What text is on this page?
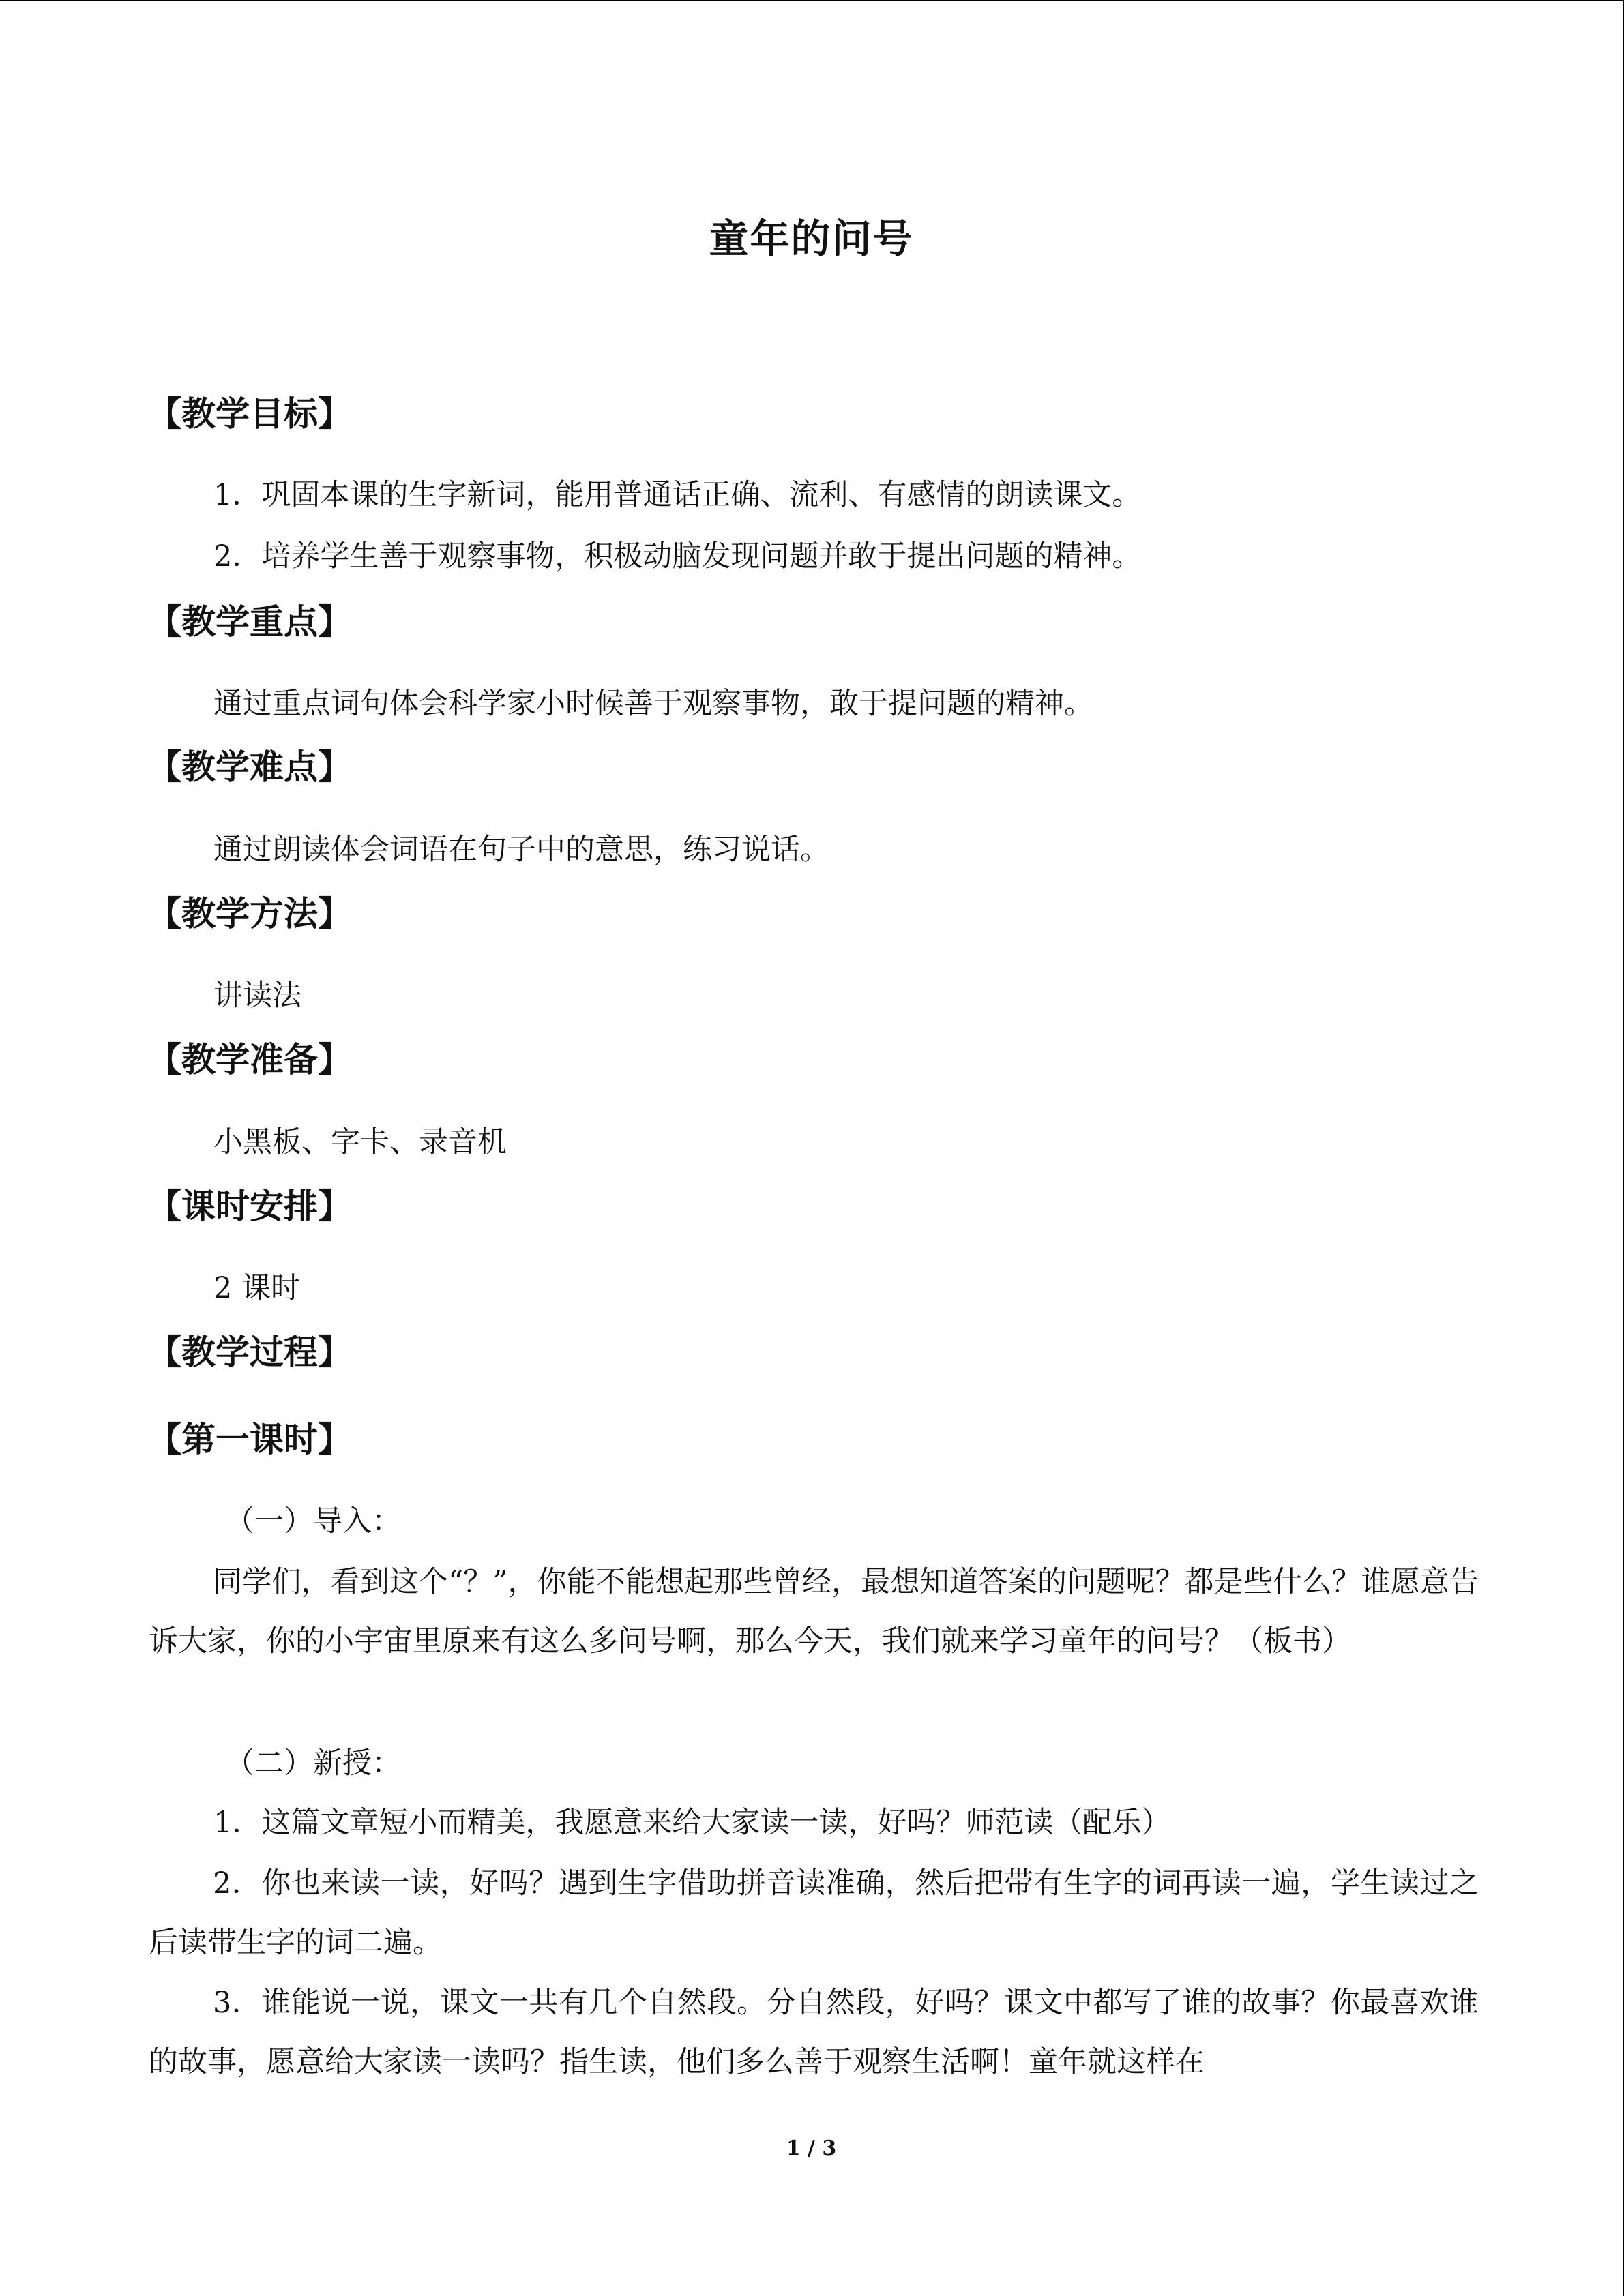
童年的问号
【教学目标】
1．巩固本课的生字新词，能用普通话正确、流利、有感情的朗读课文。
2．培养学生善于观察事物，积极动脑发现问题并敢于提出问题的精神。
【教学重点】
通过重点词句体会科学家小时候善于观察事物，敢于提问题的精神。
【教学难点】
通过朗读体会词语在句子中的意思，练习说话。
【教学方法】
讲读法
【教学准备】
小黑板、字卡、录音机
【课时安排】
2 课时
【教学过程】
【第一课时】
（一）导入：
同学们，看到这个“？”，你能不能想起那些曾经，最想知道答案的问题呢？都是些什么？谁愿意告诉大家，你的小宇宙里原来有这么多问号啊，那么今天，我们就来学习童年的问号？（板书）
（二）新授：
1．这篇文章短小而精美，我愿意来给大家读一读，好吗？师范读（配乐）
2．你也来读一读，好吗？遇到生字借助拼音读准确，然后把带有生字的词再读一遍，学生读过之后读带生字的词二遍。
3．谁能说一说，课文一共有几个自然段。分自然段，好吗？课文中都写了谁的故事？你最喜欢谁的故事，愿意给大家读一读吗？指生读，他们多么善于观察生活啊！童年就这样在
1 / 3
